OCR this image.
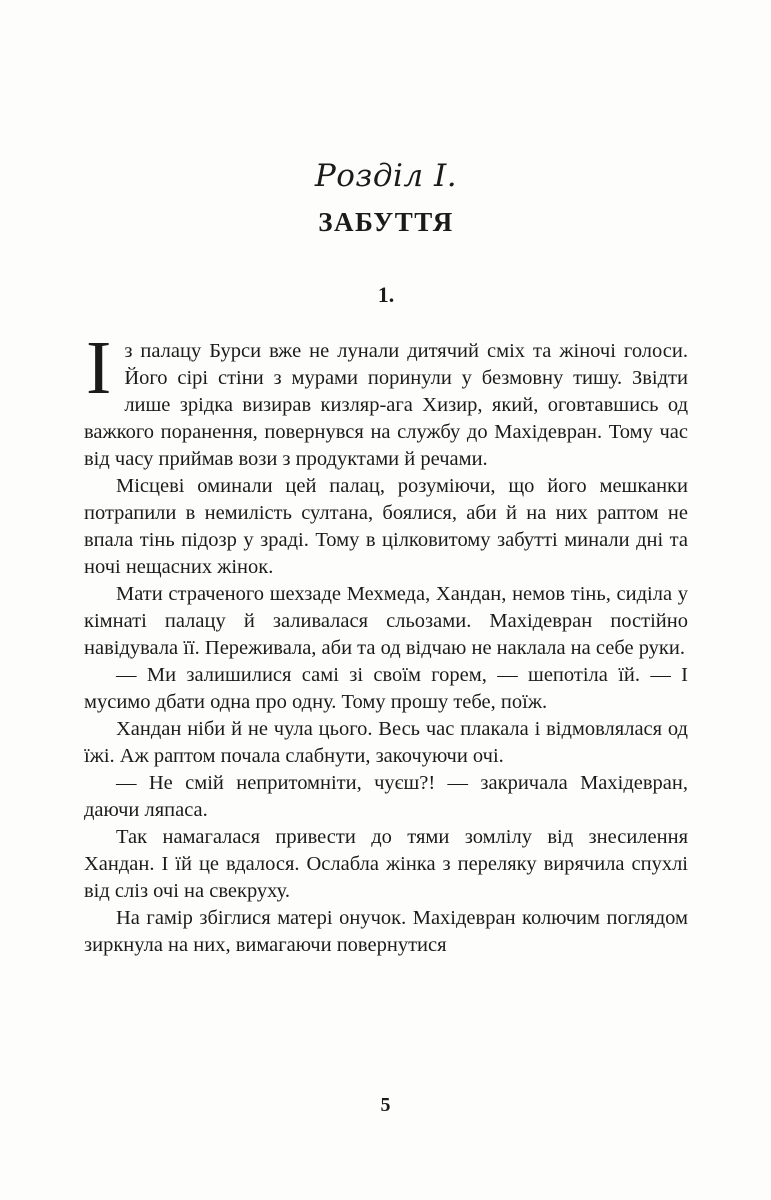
Розділ І.
ЗАБУТТЯ
1.

Із палацу Бурси вже не лунали дитячий сміх та жіночі голоси. Його сірі стіни з мурами поринули у безмовну тишу. Звідти лише зрідка визирав кизляр-ага Хизир, який, оговтавшись од важкого поранення, повернувся на службу до Махідевран. Тому час від часу приймав вози з продуктами й речами.

Місцеві оминали цей палац, розуміючи, що його мешканки потрапили в немилість султана, боялися, аби й на них раптом не впала тінь підозр у зраді. Тому в цілковитому забутті минали дні та ночі нещасних жінок.

Мати страченого шехзаде Мехмеда, Хандан, немов тінь, сиділа у кімнаті палацу й заливалася сльозами. Махідевран постійно навідувала її. Переживала, аби та од відчаю не наклала на себе руки.

— Ми залишилися самі зі своїм горем, — шепотіла їй. — І мусимо дбати одна про одну. Тому прошу тебе, поїж.

Хандан ніби й не чула цього. Весь час плакала і відмовлялася од їжі. Аж раптом почала слабнути, закочуючи очі.

— Не смій непритомніти, чуєш?! — закричала Махідевран, даючи ляпаса.

Так намагалася привести до тями зомлілу від знесилення Хандан. І їй це вдалося. Ослабла жінка з переляку вирячила спухлі від сліз очі на свекруху.

На гамір збіглися матері онучок. Махідевран колючим поглядом зиркнула на них, вимагаючи повернутися

5
